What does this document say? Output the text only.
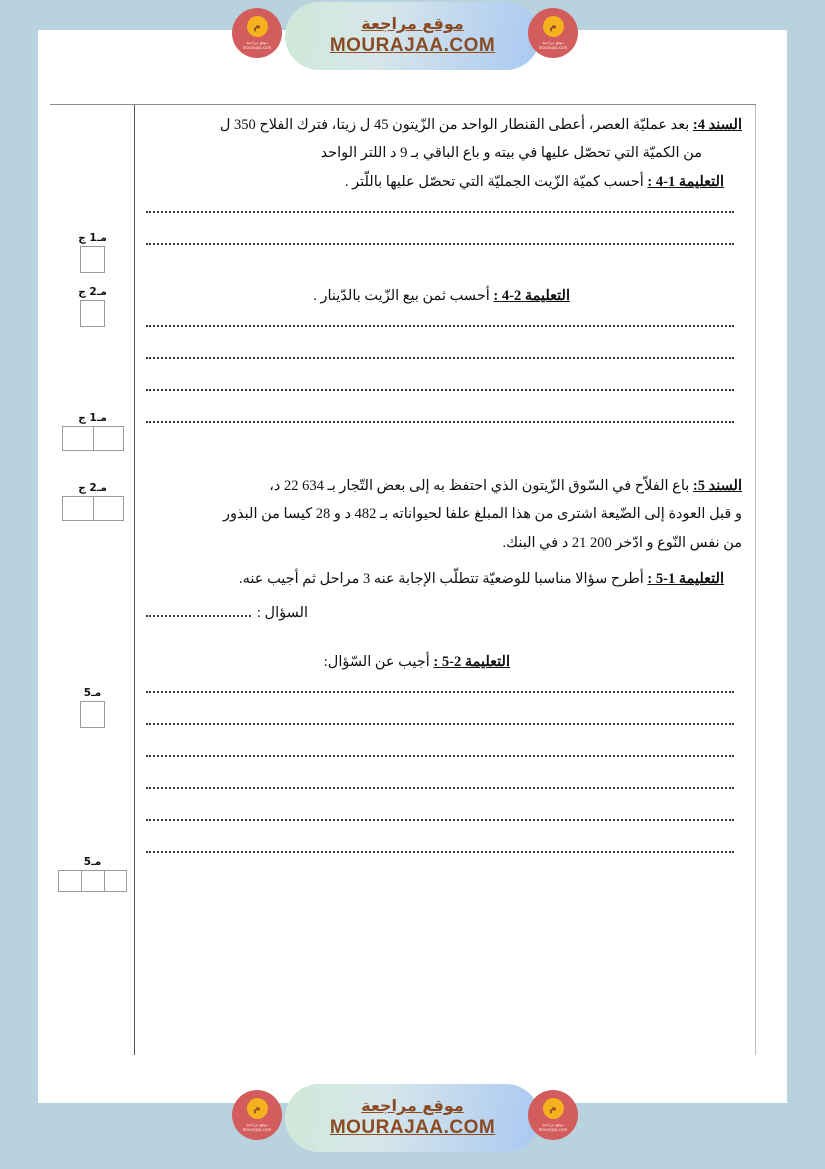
م
موقع مراجعة
mourajaa.com
موقع مراجعة
MOURAJAA.COM
م
موقع مراجعة
mourajaa.com

السند 4: بعد عمليّة العصر، أعطى القنطار الواحد من الزّيتون 45 ل زيتا، فترك الفلاح 350 ل

من الكميّة التي تحصّل عليها في بيته و باع الباقي بـ 9 د اللتر الواحد

التعليمة 1-4 : أحسب كميّة الزّيت الجمليّة التي تحصّل عليها باللّتر .

التعليمة 2-4 : أحسب ثمن بيع الزّيت بالدّينار .

السند 5: باع الفلاّح في السّوق الزّيتون الذي احتفظ به إلى بعض التّجار بـ 634 22 د،

و قبل العودة إلى الضّيعة اشترى من هذا المبلغ علفا لحيواناته بـ 482 د و 28 كيسا من البذور

من نفس النّوع و ادّخر 200 21 د في البنك.

التعليمة 1-5 : أطرح سؤالا مناسبا للوضعيّة تتطلّب الإجابة عنه 3 مراحل ثم أجيب عنه.

السؤال :

التعليمة 2-5 : أجيب عن السّؤال:

مـ1 ج
مـ2 ج
مـ1 ج
مـ2 ج
مـ5
مـ5
م
موقع مراجعة
mourajaa.com
موقع مراجعة
MOURAJAA.COM
م
موقع مراجعة
mourajaa.com
